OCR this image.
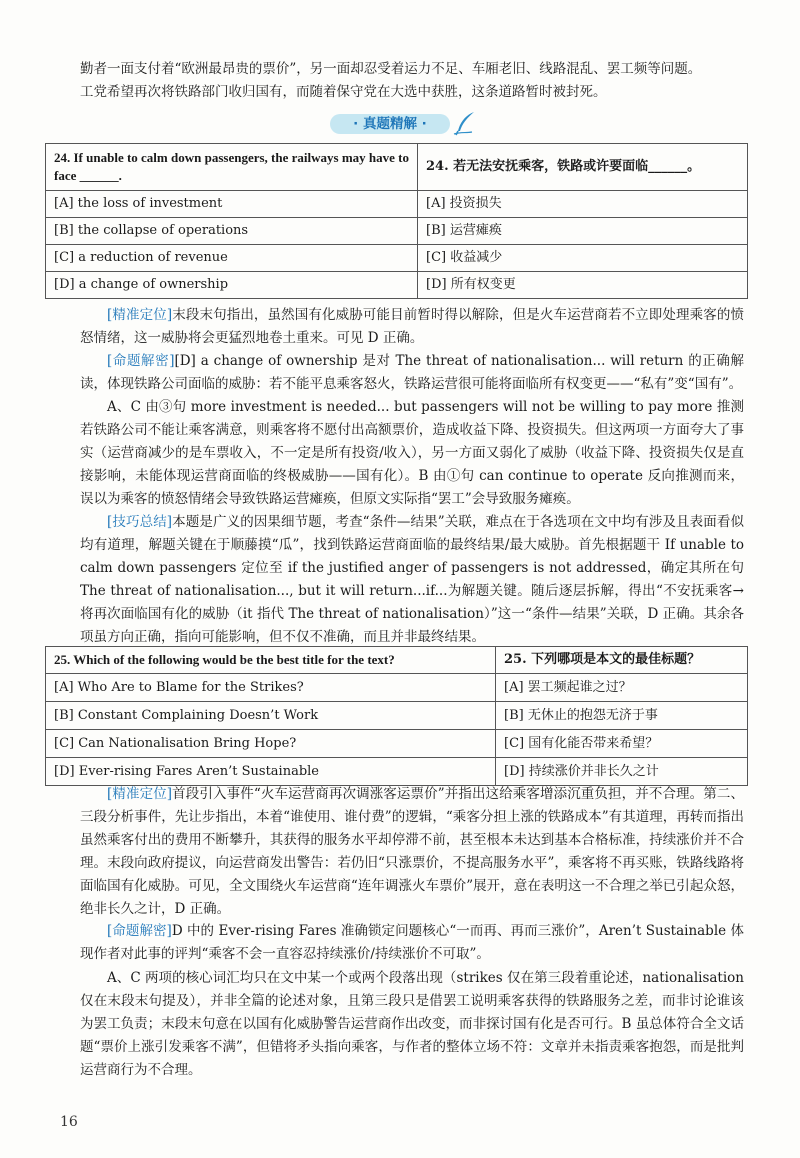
勤者一面支付着“欧洲最昂贵的票价”，另一面却忍受着运力不足、车厢老旧、线路混乱、罢工频等问题。
工党希望再次将铁路部门收归国有，而随着保守党在大选中获胜，这条道路暂时被封死。

· 真题精解 ·
24. If unable to calm down passengers, the railways may have to face ______.	24. 若无法安抚乘客，铁路或许要面临______。
[A] the loss of investment	[A] 投资损失
[B] the collapse of operations	[B] 运营瘫痪
[C] a reduction of revenue	[C] 收益减少
[D] a change of ownership	[D] 所有权变更

[精准定位]末段末句指出，虽然国有化威胁可能目前暂时得以解除，但是火车运营商若不立即处理乘客的愤怒情绪，这一威胁将会更猛烈地卷土重来。可见 D 正确。

[命题解密][D] a change of ownership 是对 The threat of nationalisation... will return 的正确解读，体现铁路公司面临的威胁：若不能平息乘客怒火，铁路运营很可能将面临所有权变更——“私有”变“国有”。

A、C 由③句 more investment is needed... but passengers will not be willing to pay more 推测若铁路公司不能让乘客满意，则乘客将不愿付出高额票价，造成收益下降、投资损失。但这两项一方面夸大了事实（运营商减少的是车票收入，不一定是所有投资/收入），另一方面又弱化了威胁（收益下降、投资损失仅是直接影响，未能体现运营商面临的终极威胁——国有化）。B 由①句 can continue to operate 反向推测而来，误以为乘客的愤怒情绪会导致铁路运营瘫痪，但原文实际指“罢工”会导致服务瘫痪。

[技巧总结]本题是广义的因果细节题，考查“条件—结果”关联，难点在于各选项在文中均有涉及且表面看似均有道理，解题关键在于顺藤摸“瓜”，找到铁路运营商面临的最终结果/最大威胁。首先根据题干 If unable to calm down passengers 定位至 if the justified anger of passengers is not addressed，确定其所在句 The threat of nationalisation..., but it will return...if...为解题关键。随后逐层拆解，得出“不安抚乘客→将再次面临国有化的威胁（it 指代 The threat of nationalisation）”这一“条件—结果”关联，D 正确。其余各项虽方向正确，指向可能影响，但不仅不准确，而且并非最终结果。

25. Which of the following would be the best title for the text?	25. 下列哪项是本文的最佳标题？
[A] Who Are to Blame for the Strikes?	[A] 罢工频起谁之过？
[B] Constant Complaining Doesn’t Work	[B] 无休止的抱怨无济于事
[C] Can Nationalisation Bring Hope?	[C] 国有化能否带来希望？
[D] Ever-rising Fares Aren’t Sustainable	[D] 持续涨价并非长久之计

[精准定位]首段引入事件“火车运营商再次调涨客运票价”并指出这给乘客增添沉重负担，并不合理。第二、三段分析事件，先让步指出，本着“谁使用、谁付费”的逻辑，“乘客分担上涨的铁路成本”有其道理，再转而指出虽然乘客付出的费用不断攀升，其获得的服务水平却停滞不前，甚至根本未达到基本合格标准，持续涨价并不合理。末段向政府提议，向运营商发出警告：若仍旧“只涨票价，不提高服务水平”，乘客将不再买账，铁路线路将面临国有化威胁。可见，全文围绕火车运营商“连年调涨火车票价”展开，意在表明这一不合理之举已引起众怒，绝非长久之计，D 正确。

[命题解密]D 中的 Ever-rising Fares 准确锁定问题核心“一而再、再而三涨价”，Aren’t Sustainable 体现作者对此事的评判“乘客不会一直容忍持续涨价/持续涨价不可取”。

A、C 两项的核心词汇均只在文中某一个或两个段落出现（strikes 仅在第三段着重论述，nationalisation 仅在末段末句提及），并非全篇的论述对象，且第三段只是借罢工说明乘客获得的铁路服务之差，而非讨论谁该为罢工负责；末段末句意在以国有化威胁警告运营商作出改变，而非探讨国有化是否可行。B 虽总体符合全文话题“票价上涨引发乘客不满”，但错将矛头指向乘客，与作者的整体立场不符：文章并未指责乘客抱怨，而是批判运营商行为不合理。

16
